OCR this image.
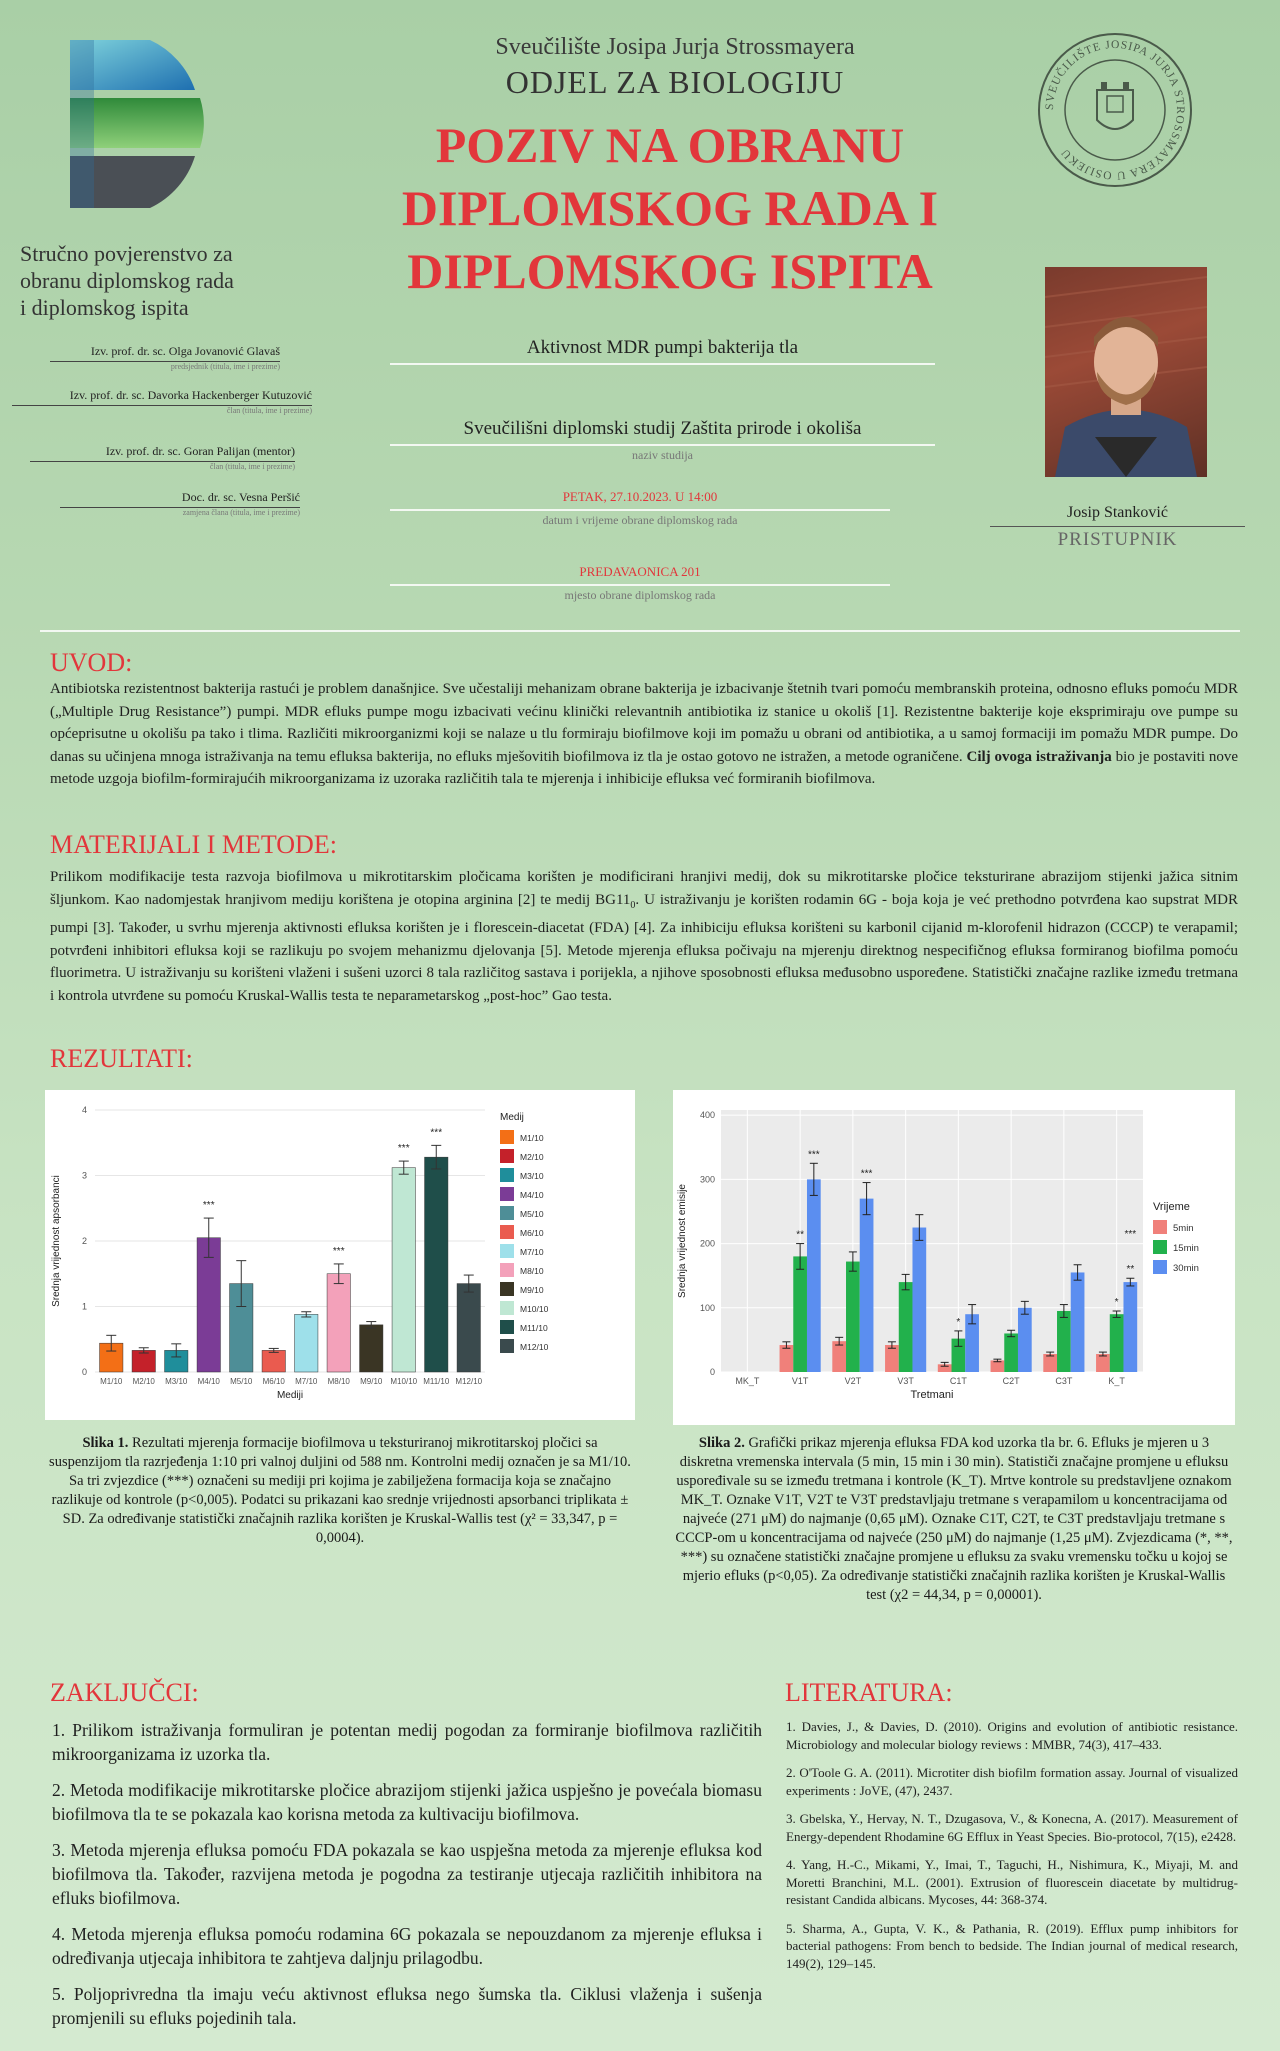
Stručno povjerenstvo za
obranu diplomskog rada
i diplomskog ispita
Sveučilište Josipa Jurja Strossmayera
ODJEL ZA BIOLOGIJU
POZIV NA OBRANU
DIPLOMSKOG RADA I
DIPLOMSKOG ISPITA
SVEUČILIŠTE JOSIPA JURJA STROSSMAYERA U OSIJEKU
Izv. prof. dr. sc. Olga Jovanović Glavaš
predsjednik (titula, ime i prezime)
Izv. prof. dr. sc. Davorka Hackenberger Kutuzović
član (titula, ime i prezime)
Izv. prof. dr. sc. Goran Palijan (mentor)
član (titula, ime i prezime)
Doc. dr. sc. Vesna Peršić
zamjena člana (titula, ime i prezime)
Aktivnost MDR pumpi bakterija tla
Sveučilišni diplomski studij Zaštita prirode i okoliša
naziv studija
PETAK, 27.10.2023. U 14:00
datum i vrijeme obrane diplomskog rada
PREDAVAONICA 201
mjesto obrane diplomskog rada
Josip Stanković
PRISTUPNIK
UVOD:
Antibiotska rezistentnost bakterija rastući je problem današnjice. Sve učestaliji mehanizam obrane bakterija je izbacivanje štetnih tvari pomoću membranskih proteina, odnosno efluks pomoću MDR („Multiple Drug Resistance”) pumpi. MDR efluks pumpe mogu izbacivati većinu klinički relevantnih antibiotika iz stanice u okoliš [1]. Rezistentne bakterije koje eksprimiraju ove pumpe su općeprisutne u okolišu pa tako i tlima. Različiti mikroorganizmi koji se nalaze u tlu formiraju biofilmove koji im pomažu u obrani od antibiotika, a u samoj formaciji im pomažu MDR pumpe. Do danas su učinjena mnoga istraživanja na temu efluksa bakterija, no efluks mješovitih biofilmova iz tla je ostao gotovo ne istražen, a metode ograničene. Cilj ovoga istraživanja bio je postaviti nove metode uzgoja biofilm-formirajućih mikroorganizama iz uzoraka različitih tala te mjerenja i inhibicije efluksa već formiranih biofilmova.
MATERIJALI I METODE:
Prilikom modifikacije testa razvoja biofilmova u mikrotitarskim pločicama korišten je modificirani hranjivi medij, dok su mikrotitarske pločice teksturirane abrazijom stijenki jažica sitnim šljunkom. Kao nadomjestak hranjivom mediju korištena je otopina arginina [2] te medij $BG11_0$. U istraživanju je korišten rodamin 6G - boja koja je već prethodno potvrđena kao supstrat MDR pumpi [3]. Također, u svrhu mjerenja aktivnosti efluksa korišten je i florescein-diacetat (FDA) [4]. Za inhibiciju efluksa korišteni su karbonil cijanid m-klorofenil hidrazon (CCCP) te verapamil; potvrđeni inhibitori efluksa koji se razlikuju po svojem mehanizmu djelovanja [5]. Metode mjerenja efluksa počivaju na mjerenju direktnog nespecifičnog efluksa formiranog biofilma pomoću fluorimetra. U istraživanju su korišteni vlaženi i sušeni uzorci 8 tala različitog sastava i porijekla, a njihove sposobnosti efluksa međusobno uspoređene. Statistički značajne razlike između tretmana i kontrola utvrđene su pomoću Kruskal-Wallis testa te neparametarskog „post-hoc” Gao testa.
REZULTATI:
0
1
2
3
4
M1/10 M2/10 M3/10
***
M4/10 M5/10 M6/10 M7/10
***
M8/10 M9/10
***
M10/10
***
M11/10 M12/10
Mediji
Srednja vrijednost apsorbanci
Medij
M1/10
M2/10
M3/10
M4/10
M5/10
M6/10
M7/10
M8/10
M9/10
M10/10
M11/10
M12/10
0
100
200
300
400
MK_T
**
***
V1T
***
V2T	V3T
*
C1T	C2T	C3T
*
**
K_T
***
Tretmani
Srednja vrijednost emisije	Vrijeme
5min
15min
30min
Slika 1. Rezultati mjerenja formacije biofilmova u teksturiranoj mikrotitarskoj pločici sa suspenzijom tla razrjeđenja 1:10 pri valnoj duljini od 588 nm. Kontrolni medij označen je sa M1/10. Sa tri zvjezdice (***) označeni su mediji pri kojima je zabilježena formacija koja se značajno razlikuje od kontrole (p<0,005). Podatci su prikazani kao srednje vrijednosti apsorbanci triplikata ± SD. Za određivanje statistički značajnih razlika korišten je Kruskal-Wallis test (χ² = 33,347, p = 0,0004).
Slika 2. Grafički prikaz mjerenja efluksa FDA kod uzorka tla br. 6. Efluks je mjeren u 3 diskretna vremenska intervala (5 min, 15 min i 30 min). Statističi značajne promjene u efluksu uspoređivale su se između tretmana i kontrole (K_T). Mrtve kontrole su predstavljene oznakom MK_T. Oznake V1T, V2T te V3T predstavljaju tretmane s verapamilom u koncentracijama od najveće (271 μM) do najmanje (0,65 μM). Oznake C1T, C2T, te C3T predstavljaju tretmane s CCCP-om u koncentracijama od najveće (250 μM) do najmanje (1,25 μM). Zvjezdicama (*, **, ***) su označene statistički značajne promjene u efluksu za svaku vremensku točku u kojoj se mjerio efluks (p<0,05). Za određivanje statistički značajnih razlika korišten je Kruskal-Wallis test (χ2 = 44,34, p = 0,00001).
ZAKLJUČCI:

1. Prilikom istraživanja formuliran je potentan medij pogodan za formiranje biofilmova različitih mikroorganizama iz uzorka tla.

2. Metoda modifikacije mikrotitarske pločice abrazijom stijenki jažica uspješno je povećala biomasu biofilmova tla te se pokazala kao korisna metoda za kultivaciju biofilmova.

3. Metoda mjerenja efluksa pomoću FDA pokazala se kao uspješna metoda za mjerenje efluksa kod biofilmova tla. Također, razvijena metoda je pogodna za testiranje utjecaja različitih inhibitora na efluks biofilmova.

4. Metoda mjerenja efluksa pomoću rodamina 6G pokazala se nepouzdanom za mjerenje efluksa i određivanja utjecaja inhibitora te zahtjeva daljnju prilagodbu.

5. Poljoprivredna tla imaju veću aktivnost efluksa nego šumska tla. Ciklusi vlaženja i sušenja promjenili su efluks pojedinih tala.

LITERATURA:

1. Davies, J., & Davies, D. (2010). Origins and evolution of antibiotic resistance. Microbiology and molecular biology reviews : MMBR, 74(3), 417–433.

2. O'Toole G. A. (2011). Microtiter dish biofilm formation assay. Journal of visualized experiments : JoVE, (47), 2437.

3. Gbelska, Y., Hervay, N. T., Dzugasova, V., & Konecna, A. (2017). Measurement of Energy-dependent Rhodamine 6G Efflux in Yeast Species. Bio-protocol, 7(15), e2428.

4. Yang, H.-C., Mikami, Y., Imai, T., Taguchi, H., Nishimura, K., Miyaji, M. and Moretti Branchini, M.L. (2001). Extrusion of fluorescein diacetate by multidrug-resistant Candida albicans. Mycoses, 44: 368-374.

5. Sharma, A., Gupta, V. K., & Pathania, R. (2019). Efflux pump inhibitors for bacterial pathogens: From bench to bedside. The Indian journal of medical research, 149(2), 129–145.
